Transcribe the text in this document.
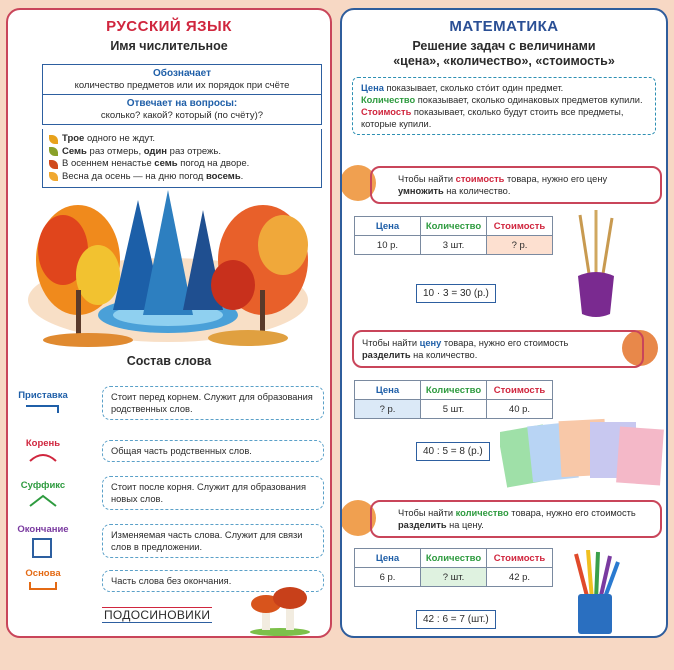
РУССКИЙ ЯЗЫК
Имя числительное
Обозначает
количество предметов или их порядок при счёте
Отвечает на вопросы:
сколько? какой? который (по счёту)?
Трое одного не ждут.
Семь раз отмерь, один раз отрежь.
В осеннем ненастье семь погод на дворе.
Весна да осень — на дню погод восемь.
Состав слова
Приставка	Стоит перед корнем. Служит для образования родственных слов.
Корень
Общая часть родственных слов.
Суффикс	Стоит после корня. Служит для образования новых слов.
Окончание	Изменяемая часть слова. Служит для связи слов в предложении.
Основа
Часть слова без окончания.
ПОДОСИНОВИКИ
МАТЕМАТИКА
Решение задач с величинами
«цена», «количество», «стоимость»
Цена показывает, сколько стóит один предмет.
Количество показывает, сколько одинаковых предметов купили.
Стоимость показывает, сколько будут стоить все предметы, которые купили.
Чтобы найти стоимость товара, нужно его цену умножить на количество.
Цена	Количество	Стоимость
10 р.	3 шт.	? р.
10 · 3 = 30 (р.)
Чтобы найти цену товара, нужно его стоимость разделить на количество.
Цена	Количество	Стоимость
? р.	5 шт.	40 р.
40 : 5 = 8 (р.)
Чтобы найти количество товара, нужно его стоимость разделить на цену.
Цена	Количество	Стоимость
6 р.	? шт.	42 р.
42 : 6 = 7 (шт.)
